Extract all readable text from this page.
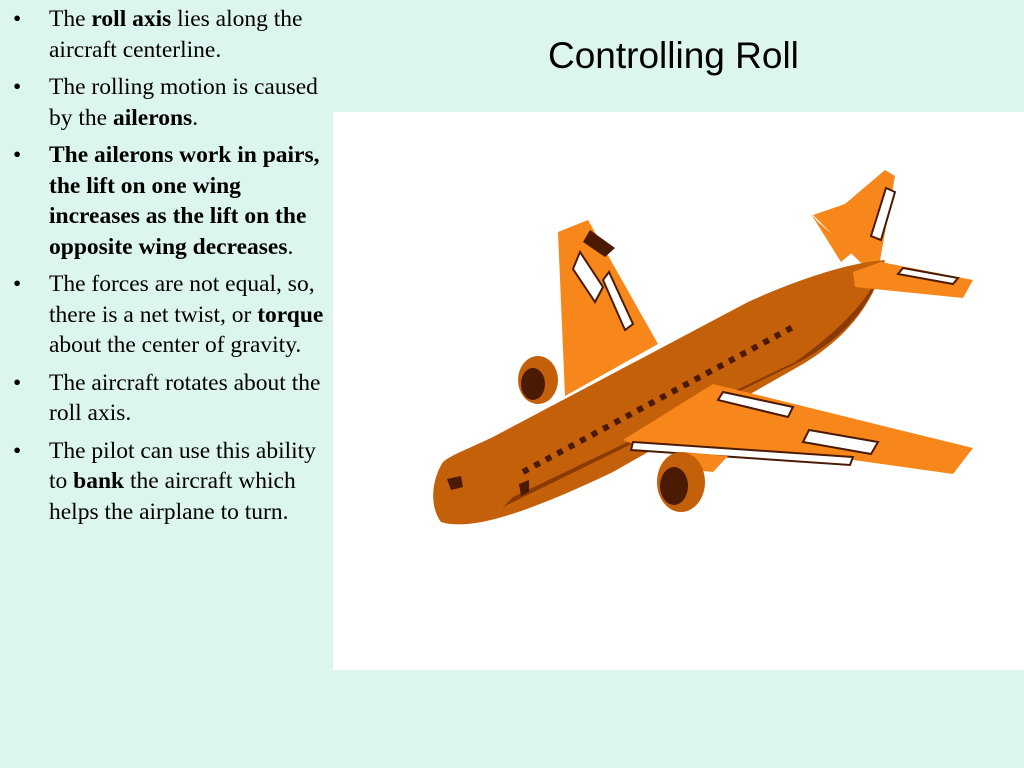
Controlling Roll
• The roll axis lies along the aircraft centerline.
• The rolling motion is caused by the ailerons.
• The ailerons work in pairs, the lift on one wing increases as the lift on the opposite wing decreases.
• The forces are not equal, so, there is a net twist, or torque about the center of gravity.
• The aircraft rotates about the roll axis.
• The pilot can use this ability to bank the aircraft which helps the airplane to turn.
